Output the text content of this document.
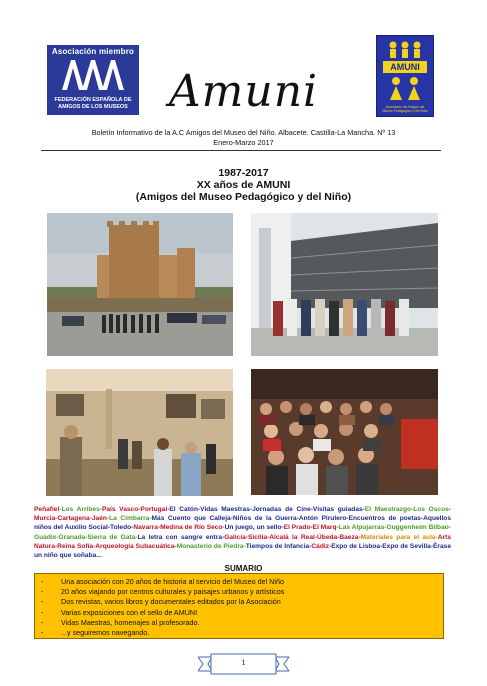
Asociación miembro
FEDERACIÓN ESPAÑOLA DE AMIGOS DE LOS MUSEOS
AMUNI
Asociación de Amigos del Museo Pedagógico y del Niño
Amuni
Boletín Informativo de la A.C Amigos del Museo del Niño. Albacete. Castilla-La Mancha. Nº 13
Enero-Marzo 2017
1987-2017
XX años de AMUNI
(Amigos del Museo Pedagógico y del Niño)
Peñafiel-Los Arribes-País Vasco-Portugal-El Catón-Vidas Maestras-Jornadas de Cine-Visitas guiadas-El Maestrazgo-Los Oscos-Murcia-Cartagena-Jaén-La Cimbarra-Más Cuento que Calleja-Niños de la Guerra-Antón Pirulero-Encuentros de poetas-Aquellos niños del Auxilio Social-Toledo-Navarra-Medina de Río Seco-Un juego, un sello-El Prado-El Marq-Las Alpujarras-Guggenheim Bilbao-Guadix-Granada-Sierra de Gata-La letra con sangre entra-Galicia-Sicilia-Alcalá la Real-Úbeda-Baeza-Materiales para el aula-Arts Natura-Reina Sofía-Arqueología Subacuática-Monasterio de Piedra-Tiempos de Infancia-Cádiz-Expo de Lisboa-Expo de Sevilla-Érase un niño que soñaba...
SUMARIO
- Una asociación con 20 años de historia al servicio del Museo del Niño
- 20 años viajando por centros culturales y paisajes urbanos y artísticos
- Dos revistas, varios libros y documentales editados por la Asociación
- Varias exposiciones con el sello de AMUNI
- Vidas Maestras, homenajes al profesorado.
- ...y seguiremos navegando.
1
